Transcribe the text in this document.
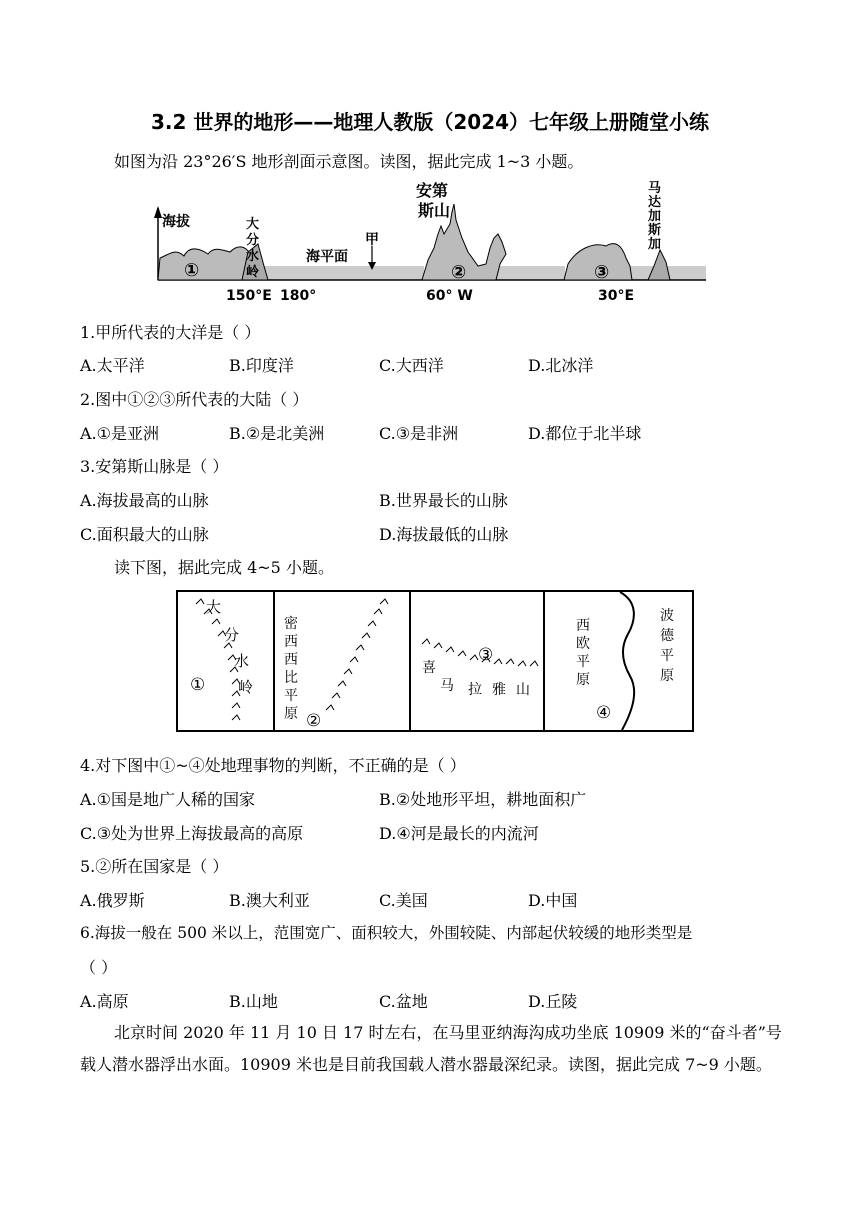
3.2 世界的地形——地理人教版（2024）七年级上册随堂小练
如图为沿 23°26′S 地形剖面示意图。读图，据此完成 1~3 小题。
海拔	大
分
水
岭
海平面
甲
安第
斯山
马
达
加
斯
加
①	②	③
150°E 180°	60° W	30°E
1.甲所代表的大洋是（ ）
A.太平洋	B.印度洋	C.大西洋	D.北冰洋
2.图中①②③所代表的大陆（ ）
A.①是亚洲	B.②是北美洲	C.③是非洲	D.都位于北半球
3.安第斯山脉是（ ）
A.海拔最高的山脉	B.世界最长的山脉
C.面积最大的山脉	D.海拔最低的山脉
读下图，据此完成 4~5 小题。
大
分
水
岭
①
密
西
西
比
平
原 ②
喜
马 拉 雅 山
③
西
欧
平
原
波
德
平
原
④
4.对下图中①~④处地理事物的判断，不正确的是（ ）
A.①国是地广人稀的国家	B.②处地形平坦，耕地面积广
C.③处为世界上海拔最高的高原	D.④河是最长的内流河
5.②所在国家是（ ）
A.俄罗斯	B.澳大利亚	C.美国	D.中国
6.海拔一般在 500 米以上，范围宽广、面积较大，外围较陡、内部起伏较缓的地形类型是
（ ）
A.高原	B.山地	C.盆地	D.丘陵
北京时间 2020 年 11 月 10 日 17 时左右，在马里亚纳海沟成功坐底 10909 米的“奋斗者”号载人潜水器浮出水面。10909 米也是目前我国载人潜水器最深纪录。读图，据此完成 7~9 小题。
